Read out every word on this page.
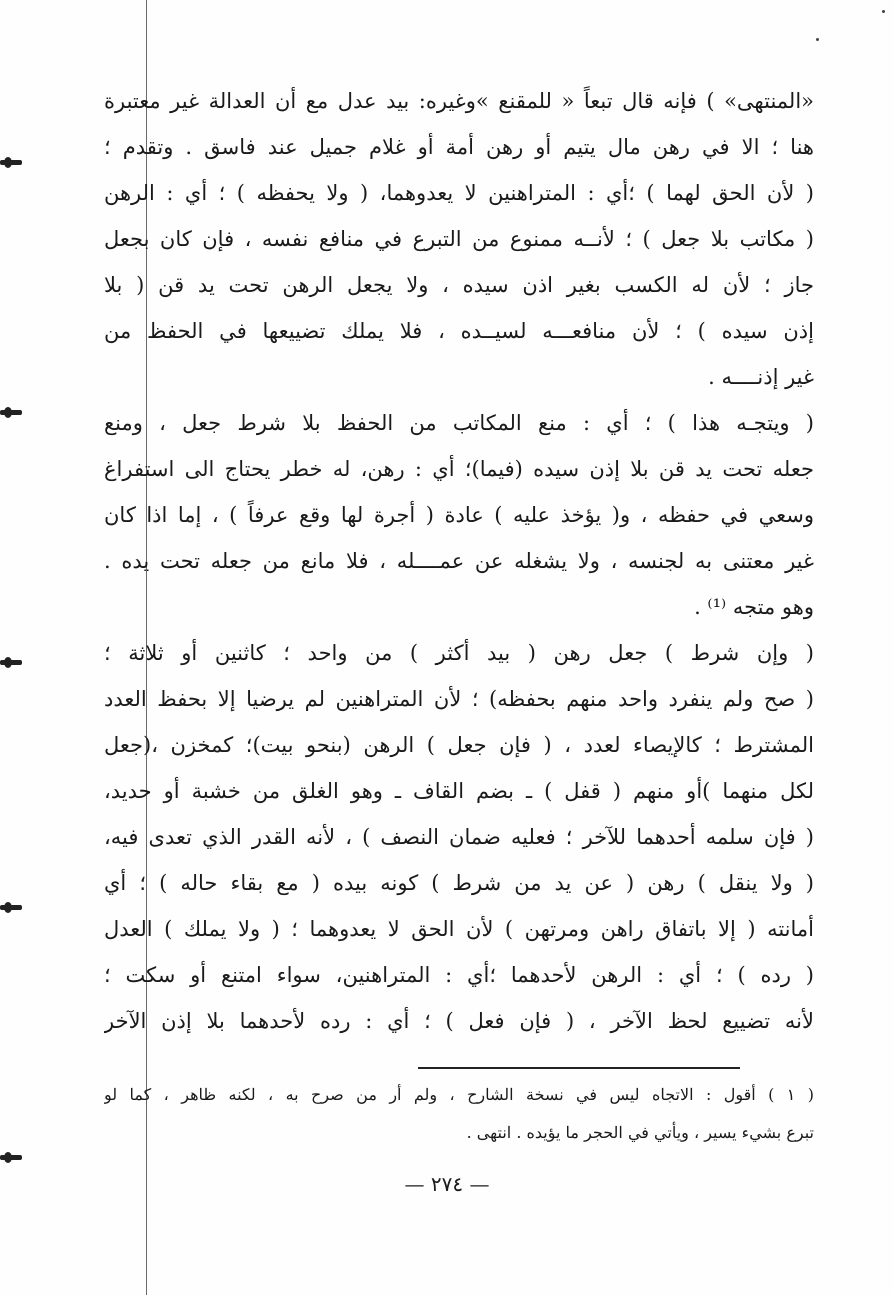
«المنتهى» ) فإنه قال تبعاً « للمقنع »وغيره: بيد عدل مع أن العدالة غير معتبرة
هنا ؛ الا في رهن مال يتيم أو رهن أمة أو غلام جميل عند فاسق . وتقدم ؛
( لأن الحق لهما ) ؛أي : المتراهنين لا يعدوهما، ( ولا يحفظه ) ؛ أي : الرهن
( مكاتب بلا جعل ) ؛ لأنــه ممنوع من التبرع في منافع نفسه ، فإن كان بجعل
جاز ؛ لأن له الكسب بغير اذن سيده ، ولا يجعل الرهن تحت يد قن ( بلا
إذن سيده ) ؛ لأن منافعـــه لسيــده ، فلا يملك تضييعها في الحفظ من
غير إذنــــه .
( ويتجـه هذا ) ؛ أي : منع المكاتب من الحفظ بلا شرط جعل ، ومنع
جعله تحت يد قن بلا إذن سيده (فيما)؛ أي : رهن، له خطر يحتاج الى استفراغ
وسعي في حفظه ، و( يؤخذ عليه ) عادة ( أجرة لها وقع عرفاً ) ، إما اذا كان
غير معتنى به لجنسه ، ولا يشغله عن عمــــله ، فلا مانع من جعله تحت يده .
وهو متجه ⁽¹⁾ .
( وإن شرط ) جعل رهن ( بيد أكثر ) من واحد ؛ كاثنين أو ثلاثة ؛
( صح ولم ينفرد واحد منهم بحفظه) ؛ لأن المتراهنين لم يرضيا إلا بحفظ العدد
المشترط ؛ كالإيصاء لعدد ، ( فإن جعل ) الرهن (بنحو بيت)؛ كمخزن ،(جعل
لكل منهما )أو منهم ( قفل ) ـ بضم القاف ـ وهو الغلق من خشبة أو حديد،
( فإن سلمه أحدهما للآخر ؛ فعليه ضمان النصف ) ، لأنه القدر الذي تعدى فيه،
( ولا ينقل ) رهن ( عن يد من شرط ) كونه بيده ( مع بقاء حاله ) ؛ أي
أمانته ( إلا باتفاق راهن ومرتهن ) لأن الحق لا يعدوهما ؛ ( ولا يملك ) العدل
( رده ) ؛ أي : الرهن لأحدهما ؛أي : المتراهنين، سواء امتنع أو سكت ؛
لأنه تضييع لحظ الآخر ، ( فإن فعل ) ؛ أي : رده لأحدهما بلا إذن الآخر
( ١ ) أقول : الاتجاه ليس في نسخة الشارح ، ولم أر من صرح به ، لكنه ظاهر ، كما لو
تبرع بشيء يسير ، ويأتي في الحجر ما يؤيده . انتهى .
— ٢٧٤ —
